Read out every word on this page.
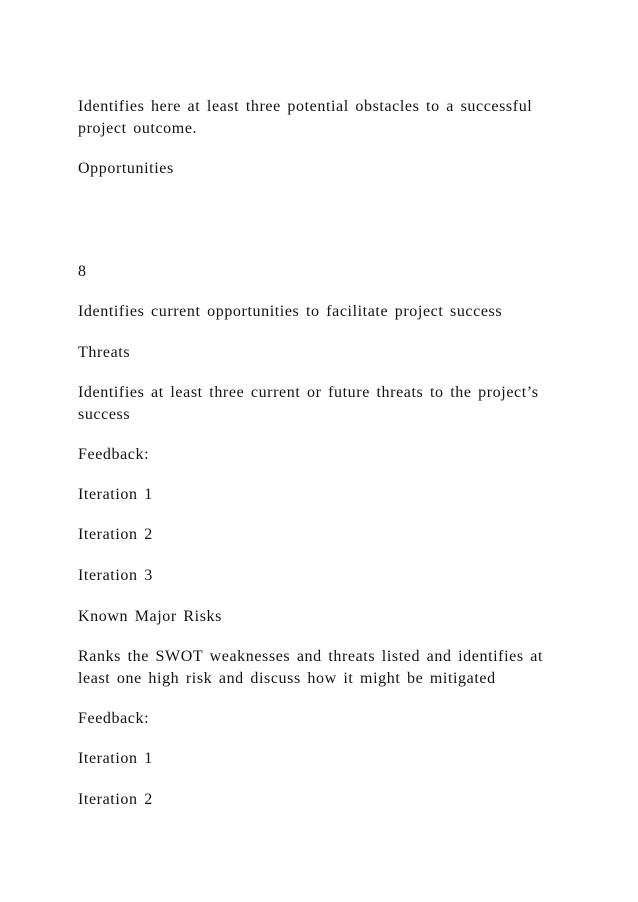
Identifies here at least three potential obstacles to a successful project outcome.

Opportunities

8

Identifies current opportunities to facilitate project success

Threats

Identifies at least three current or future threats to the project’s success

Feedback:

Iteration 1

Iteration 2

Iteration 3

Known Major Risks

Ranks the SWOT weaknesses and threats listed and identifies at least one high risk and discuss how it might be mitigated

Feedback:

Iteration 1

Iteration 2
